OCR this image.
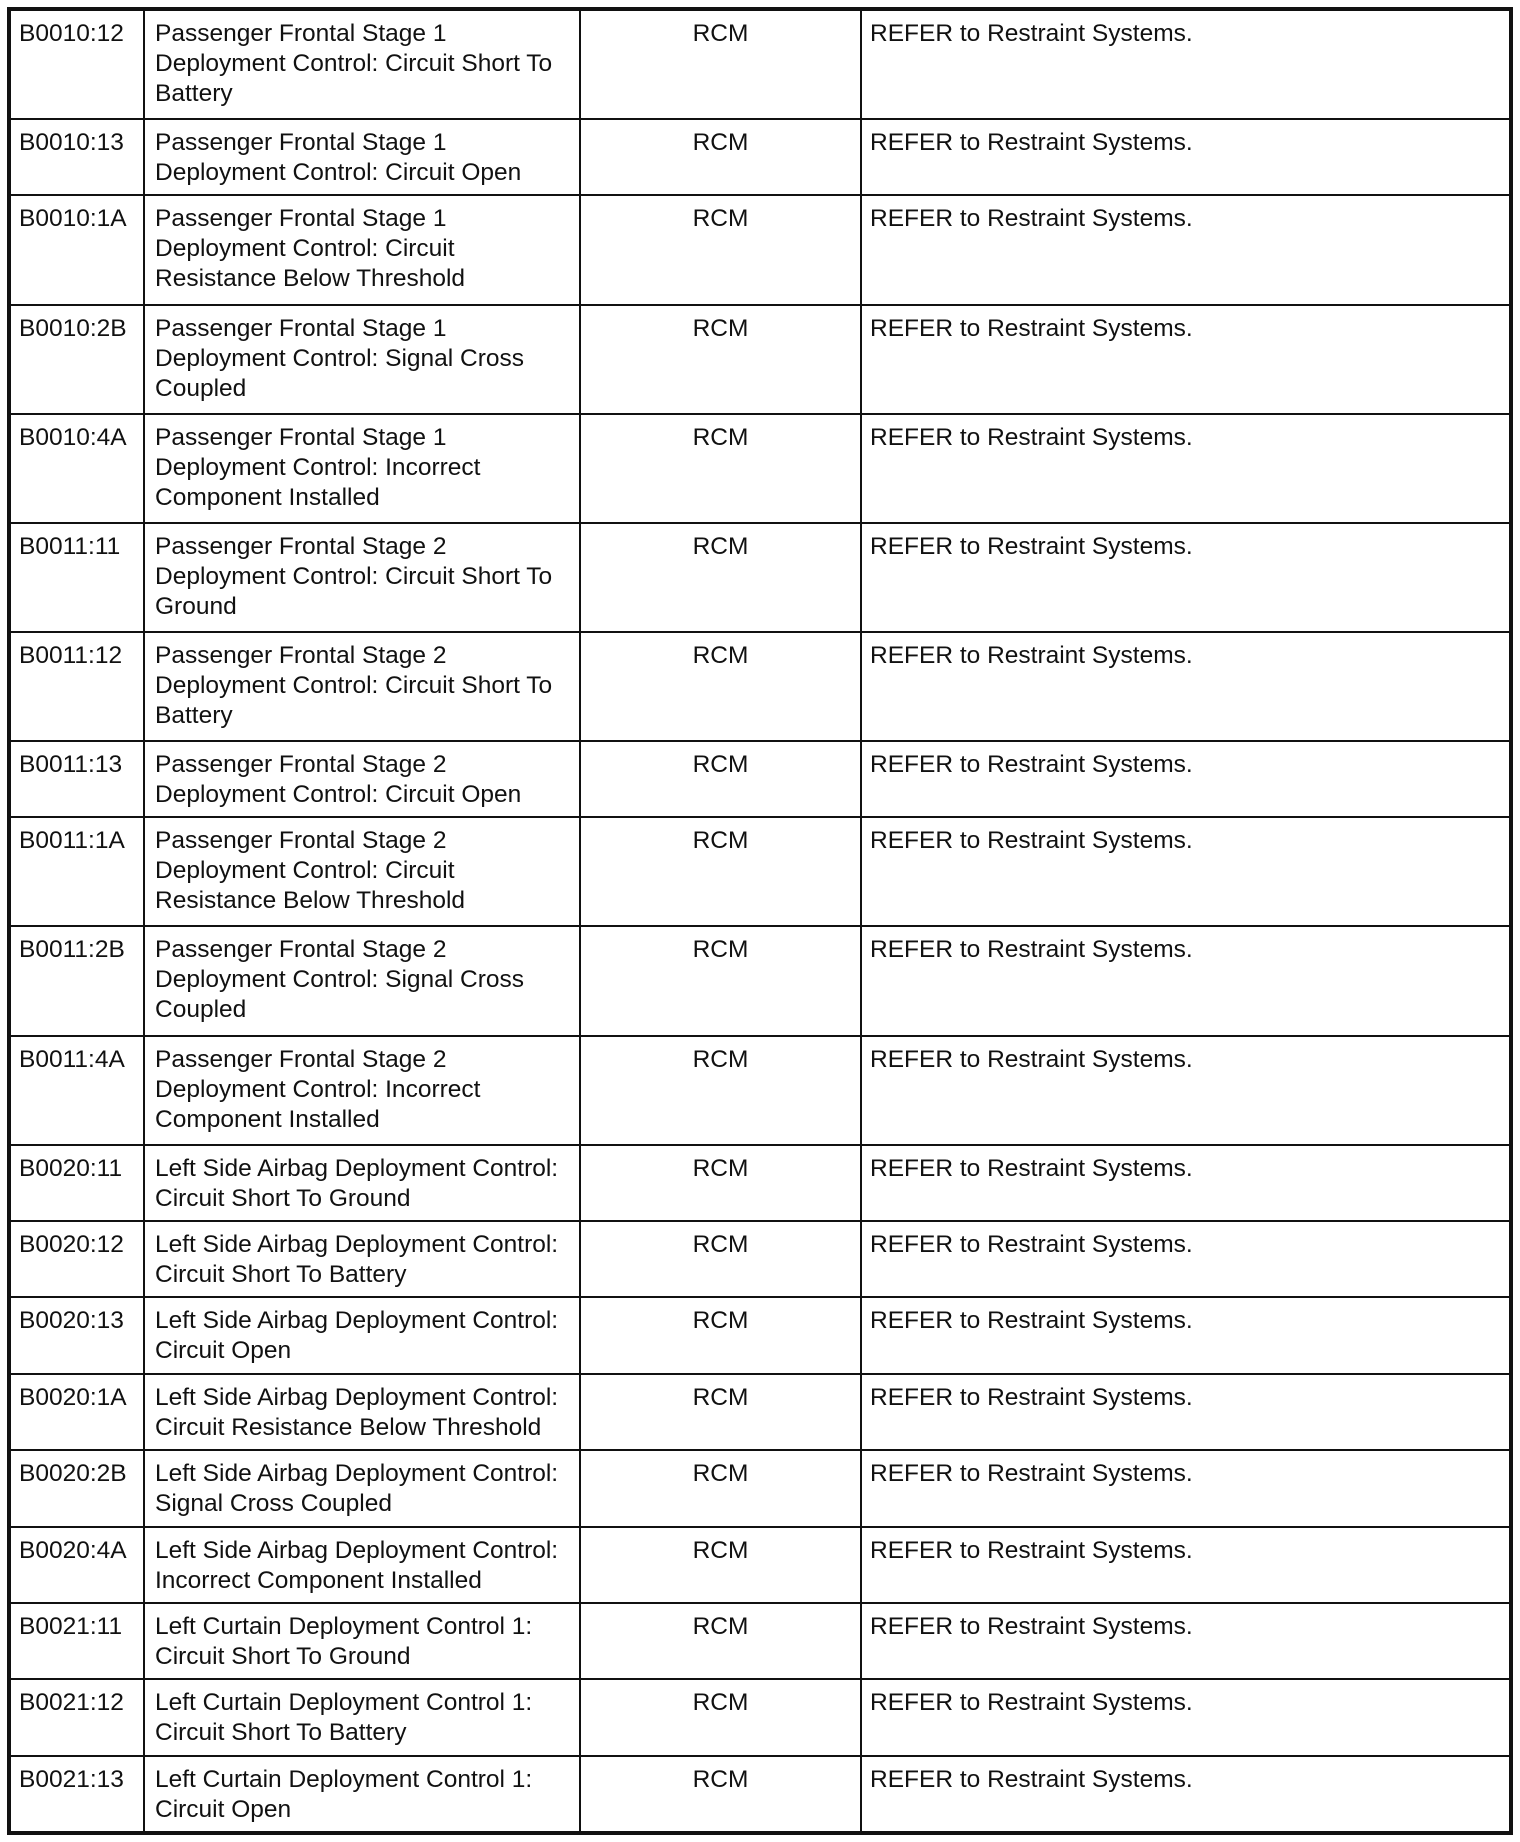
B0010:12	Passenger Frontal Stage 1
Deployment Control: Circuit Short To
Battery	RCM	REFER to Restraint Systems.
B0010:13	Passenger Frontal Stage 1
Deployment Control: Circuit Open	RCM	REFER to Restraint Systems.
B0010:1A	Passenger Frontal Stage 1
Deployment Control: Circuit
Resistance Below Threshold	RCM	REFER to Restraint Systems.
B0010:2B	Passenger Frontal Stage 1
Deployment Control: Signal Cross
Coupled	RCM	REFER to Restraint Systems.
B0010:4A	Passenger Frontal Stage 1
Deployment Control: Incorrect
Component Installed	RCM	REFER to Restraint Systems.
B0011:11	Passenger Frontal Stage 2
Deployment Control: Circuit Short To
Ground	RCM	REFER to Restraint Systems.
B0011:12	Passenger Frontal Stage 2
Deployment Control: Circuit Short To
Battery	RCM	REFER to Restraint Systems.
B0011:13	Passenger Frontal Stage 2
Deployment Control: Circuit Open	RCM	REFER to Restraint Systems.
B0011:1A	Passenger Frontal Stage 2
Deployment Control: Circuit
Resistance Below Threshold	RCM	REFER to Restraint Systems.
B0011:2B	Passenger Frontal Stage 2
Deployment Control: Signal Cross
Coupled	RCM	REFER to Restraint Systems.
B0011:4A	Passenger Frontal Stage 2
Deployment Control: Incorrect
Component Installed	RCM	REFER to Restraint Systems.
B0020:11	Left Side Airbag Deployment Control:
Circuit Short To Ground	RCM	REFER to Restraint Systems.
B0020:12	Left Side Airbag Deployment Control:
Circuit Short To Battery	RCM	REFER to Restraint Systems.
B0020:13	Left Side Airbag Deployment Control:
Circuit Open	RCM	REFER to Restraint Systems.
B0020:1A	Left Side Airbag Deployment Control:
Circuit Resistance Below Threshold	RCM	REFER to Restraint Systems.
B0020:2B	Left Side Airbag Deployment Control:
Signal Cross Coupled	RCM	REFER to Restraint Systems.
B0020:4A	Left Side Airbag Deployment Control:
Incorrect Component Installed	RCM	REFER to Restraint Systems.
B0021:11	Left Curtain Deployment Control 1:
Circuit Short To Ground	RCM	REFER to Restraint Systems.
B0021:12	Left Curtain Deployment Control 1:
Circuit Short To Battery	RCM	REFER to Restraint Systems.
B0021:13	Left Curtain Deployment Control 1:
Circuit Open	RCM	REFER to Restraint Systems.
